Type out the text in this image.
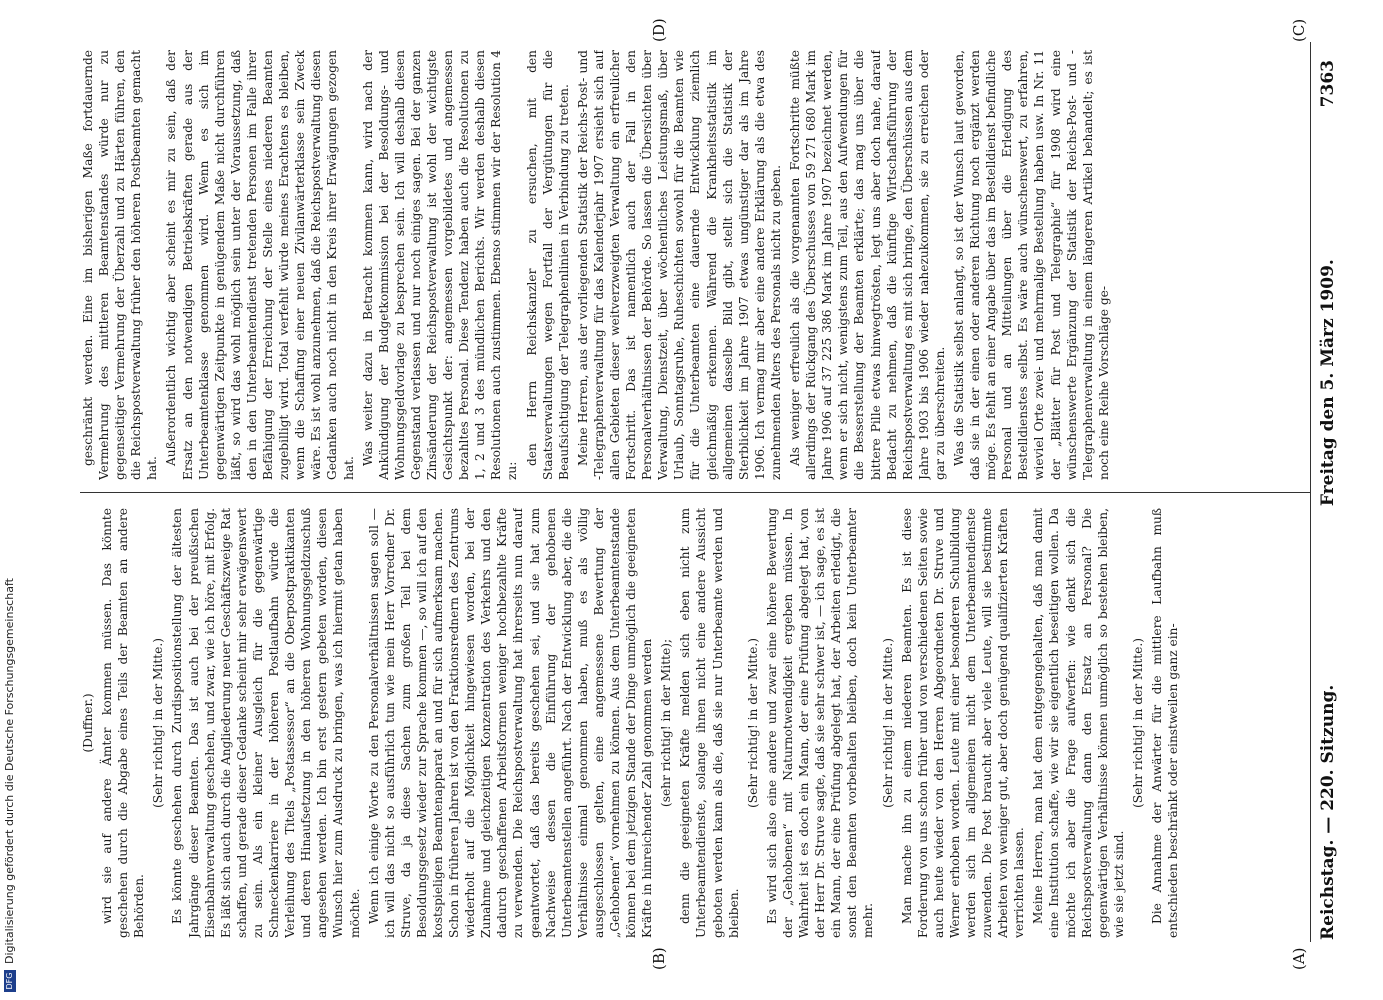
Reichstag. — 220. Sitzung.
Freitag den 5. März 1909.  7363
(A)
(B)
(C)
(D)

(Duffner.) wird sie auf andere Ämter kommen müssen. Das könnte geschehen durch die Abgabe eines Teils der Beamten an andere Behörden.

(Sehr richtig! in der Mitte.) Es könnte geschehen durch Zurdispositionstellung der ältesten Jahrgänge dieser Beamten. Das ist auch bei der preußischen Eisenbahnverwaltung geschehen, und zwar, wie ich höre, mit Erfolg. Es läßt sich auch durch die Angliederung neuer Geschäftszweige Rat schaffen, und gerade dieser Gedanke scheint mir sehr erwägenswert zu sein. Als ein kleiner Ausgleich für die gegenwärtige Schneckenkarriere in der höheren Postlaufbahn würde die Verleihung des Titels „Postassessor“ an die Oberpostpraktikanten und deren Hinaufsetzung in den höheren Wohnungsgeldzuschuß angesehen werden. Ich bin erst gestern gebeten worden, diesen Wunsch hier zum Ausdruck zu bringen, was ich hiermit getan haben möchte. Wenn ich einige Worte zu den Personalverhältnissen sagen soll — ich will das nicht so ausführlich tun wie mein Herr Vorredner Dr. Struve, da ja diese Sachen zum großen Teil bei dem Besoldungsgesetz wieder zur Sprache kommen —, so will ich auf den kostspieligen Beamtenapparat an und für sich aufmerksam machen. Schon in früheren Jahren ist von den Fraktionsrednern des Zentrums wiederholt auf die Möglichkeit hingewiesen worden, bei der Zunahme und gleichzeitigen Konzentration des Verkehrs und den dadurch geschaffenen Arbeitsformen weniger hochbezahlte Kräfte zu verwenden. Die Reichspostverwaltung hat ihrerseits nun darauf geantwortet, daß das bereits geschehen sei, und sie hat zum Nachweise dessen die Einführung der gehobenen Unterbeamtenstellen angeführt. Nach der Entwicklung aber, die die Verhältnisse einmal genommen haben, muß es als völlig ausgeschlossen gelten, eine angemessene Bewertung der „Gehobenen“ vornehmen zu können. Aus dem Unterbeamtenstande können bei dem jetzigen Stande der Dinge unmöglich die geeigneten Kräfte in hinreichender Zahl genommen werden (sehr richtig! in der Mitte); denn die geeigneten Kräfte melden sich eben nicht zum Unterbeamtendienste, solange ihnen nicht eine andere Aussicht geboten werden kann als die, daß sie nur Unterbeamte werden und bleiben.

(Sehr richtig! in der Mitte.) Es wird sich also eine andere und zwar eine höhere Bewertung der „Gehobenen“ mit Naturnotwendigkeit ergeben müssen. In Wahrheit ist es doch ein Mann, der eine Prüfung abgelegt hat, von der Herr Dr. Struve sagte, daß sie sehr schwer ist, — ich sage, es ist ein Mann, der eine Prüfung abgelegt hat, der Arbeiten erledigt, die sonst den Beamten vorbehalten bleiben, doch kein Unterbeamter mehr.

(Sehr richtig! in der Mitte.) Man mache ihn zu einem niederen Beamten. Es ist diese Forderung von uns schon früher und von verschiedenen Seiten sowie auch heute wieder von den Herren Abgeordneten Dr. Struve und Werner erhoben worden. Leute mit einer besonderen Schulbildung werden sich im allgemeinen nicht dem Unterbeamtendienste zuwenden. Die Post braucht aber viele Leute, will sie bestimmte Arbeiten von weniger gut, aber doch genügend qualifizierten Kräften verrichten lassen. Meine Herren, man hat dem entgegengehalten, daß man damit eine Institution schaffe, wie wir sie eigentlich beseitigen wollen. Da möchte ich aber die Frage aufwerfen: wie denkt sich die Reichspostverwaltung dann den Ersatz an Personal? Die gegenwärtigen Verhältnisse können unmöglich so bestehen bleiben, wie sie jetzt sind.

(Sehr richtig! in der Mitte.) Die Annahme der Anwärter für die mittlere Laufbahn muß entschieden beschränkt oder einstweilen ganz ein-

geschränkt werden. Eine im bisherigen Maße fortdauernde Vermehrung des mittleren Beamtenstandes würde nur zu gegenseitiger Vermehrung der Überzahl und zu Härten führen, den die Reichspostverwaltung früher den höheren Postbeamten gemacht hat.

Außerordentlich wichtig aber scheint es mir zu sein, daß der Ersatz an den notwendigen Betriebskräften gerade aus der Unterbeamtenklasse genommen wird. Wenn es sich im gegenwärtigen Zeitpunkte in genügendem Maße nicht durchführen läßt, so wird das wohl möglich sein unter der Voraussetzung, daß den in den Unterbeamtendienst tretenden Personen im Falle ihrer Befähigung der Erreichung der Stelle eines niederen Beamten zugebilligt wird. Total verfehlt würde meines Erachtens es bleiben, wenn die Schaffung einer neuen Zivilanwärterklasse sein Zweck wäre. Es ist wohl anzunehmen, daß die Reichspostverwaltung diesen Gedanken auch noch nicht in den Kreis ihrer Erwägungen gezogen hat.

Was weiter dazu in Betracht kommen kann, wird nach der Ankündigung der Budgetkommission bei der Besoldungs- und Wohnungsgeldvorlage zu besprechen sein. Ich will deshalb diesen Gegenstand verlassen und nur noch einiges sagen. Bei der ganzen Zinsänderung der Reichspostverwaltung ist wohl der wichtigste Gesichtspunkt der: angemessen vorgebildetes und angemessen bezahltes Personal. Diese Tendenz haben auch die Resolutionen zu 1, 2 und 3 des mündlichen Berichts. Wir werden deshalb diesen Resolutionen auch zustimmen. Ebenso stimmen wir der Resolution 4 zu:

den Herrn Reichskanzler zu ersuchen, mit den Staatsverwaltungen wegen Fortfall der Vergütungen für die Beaufsichtigung der Telegraphenlinien in Verbindung zu treten. Meine Herren, aus der vorliegenden Statistik der Reichs-Post- und -Telegraphenverwaltung für das Kalenderjahr 1907 ersieht sich auf allen Gebieten dieser weitverzweigten Verwaltung ein erfreulicher Fortschritt. Das ist namentlich auch der Fall in den Personalverhältnissen der Behörde. So lassen die Übersichten über Verwaltung, Dienstzeit, über wöchentliches Leistungsmaß, über Urlaub, Sonntagsruhe, Ruheschichten sowohl für die Beamten wie für die Unterbeamten eine dauernde Entwicklung ziemlich gleichmäßig erkennen. Während die Krankheitsstatistik im allgemeinen dasselbe Bild gibt, stellt sich die Statistik der Sterblichkeit im Jahre 1907 etwas ungünstiger dar als im Jahre 1906. Ich vermag mir aber eine andere Erklärung als die etwa des zunehmenden Alters des Personals nicht zu geben. Als weniger erfreulich als die vorgenannten Fortschritte müßte allerdings der Rückgang des Überschusses von 59 271 680 Mark im Jahre 1906 auf 37 225 386 Mark im Jahre 1907 bezeichnet werden, wenn er sich nicht, wenigstens zum Teil, aus den Aufwendungen für die Besserstellung der Beamten erklärte; das mag uns über die bittere Pille etwas hinwegtrösten, legt uns aber doch nahe, darauf Bedacht zu nehmen, daß die künftige Wirtschaftsführung der Reichspostverwaltung es mit sich bringe, den Überschüssen aus dem Jahre 1903 bis 1906 wieder nahezukommen, sie zu erreichen oder gar zu überschreiten. Was die Statistik selbst anlangt, so ist der Wunsch laut geworden, daß sie in der einen oder anderen Richtung noch ergänzt werden möge. Es fehlt an einer Angabe über das im Bestelldienst befindliche Personal und an Mitteilungen über die Erledigung des Bestelldienstes selbst. Es wäre auch wünschenswert, zu erfahren, wieviel Orte zwei- und mehrmalige Bestellung haben usw. In Nr. 11 der „Blätter für Post und Telegraphie“ für 1908 wird eine wünschenswerte Ergänzung der Statistik der Reichs-Post- und -Telegraphenverwaltung in einem längeren Artikel behandelt; es ist noch eine Reihe Vorschläge ge-

DFGDigitalisierung gefördert durch die Deutsche Forschungsgemeinschaft
